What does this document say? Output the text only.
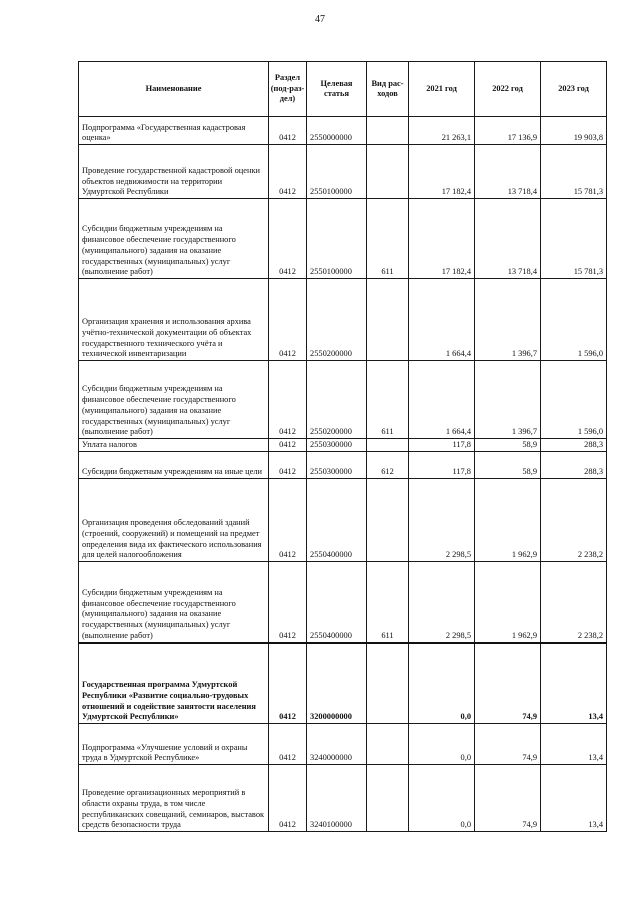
47
Наименование	Раздел (под-раз-дел)	Целевая статья	Вид рас-ходов	2021 год	2022 год	2023 год
Подпрограмма «Государственная кадастровая оценка»	0412	2550000000		21 263,1	17 136,9	19 903,8
Проведение государственной кадастровой оценки объектов недвижимости на территории Удмуртской Республики	0412	2550100000		17 182,4	13 718,4	15 781,3
Субсидии бюджетным учреждениям на финансовое обеспечение государственного (муниципального) задания на оказание государственных (муниципальных) услуг (выполнение работ)	0412	2550100000	611	17 182,4	13 718,4	15 781,3
Организация хранения и использования архива учётно-технической документации об объектах государственного технического учёта и технической инвентаризации	0412	2550200000		1 664,4	1 396,7	1 596,0
Субсидии бюджетным учреждениям на финансовое обеспечение государственного (муниципального) задания на оказание государственных (муниципальных) услуг (выполнение работ)	0412	2550200000	611	1 664,4	1 396,7	1 596,0
Уплата налогов	0412	2550300000		117,8	58,9	288,3
Субсидии бюджетным учреждениям на иные цели	0412	2550300000	612	117,8	58,9	288,3
Организация проведения обследований зданий (строений, сооружений) и помещений на предмет определения вида их фактического использования для целей налогообложения	0412	2550400000		2 298,5	1 962,9	2 238,2
Субсидии бюджетным учреждениям на финансовое обеспечение государственного (муниципального) задания на оказание государственных (муниципальных) услуг (выполнение работ)	0412	2550400000	611	2 298,5	1 962,9	2 238,2
Государственная программа Удмуртской Республики «Развитие социально-трудовых отношений и содействие занятости населения Удмуртской Республики»	0412	3200000000		0,0	74,9	13,4
Подпрограмма «Улучшение условий и охраны труда в Удмуртской Республике»	0412	3240000000		0,0	74,9	13,4
Проведение организационных мероприятий в области охраны труда, в том числе республиканских совещаний, семинаров, выставок средств безопасности труда	0412	3240100000		0,0	74,9	13,4
